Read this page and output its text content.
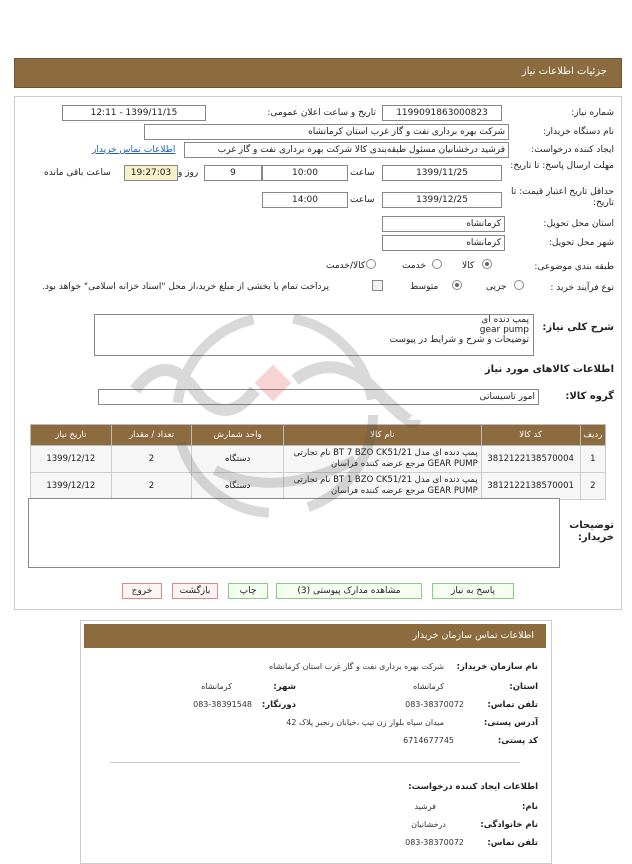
جزئیات اطلاعات نیاز
شماره نیاز:
1199091863000823
تاریخ و ساعت اعلان عمومی:
1399/11/15 - 12:11
نام دستگاه خریدار:
شرکت بهره برداری نفت و گاز غرب استان کرمانشاه
ایجاد کننده درخواست:
فرشید درخشانیان مسئول طبقه‌بندی کالا شرکت بهره برداری نفت و گاز غرب
اطلاعات تماس خریدار
مهلت ارسال پاسخ: تا تاریخ:
1399/11/25
ساعت
10:00
9
روز و
19:27:03
ساعت باقی مانده
حداقل تاریخ اعتبار قیمت: تا تاریخ:
1399/12/25
ساعت
14:00
استان محل تحویل:
کرمانشاه
شهر محل تحویل:
کرمانشاه
طبقه بندی موضوعی:
کالا
خدمت
کالا/خدمت
نوع فرآیند خرید :
جزیی
متوسط
پرداخت تمام یا بخشی از مبلغ خرید،از محل "اسناد خزانه اسلامی" خواهد بود.
شرح کلی نیاز:
پمپ دنده ای
gear pump
توضیحات و شرح و شرایط در پیوست
اطلاعات کالاهای مورد نیاز
گروه کالا:
امور تاسیساتی
ردیف	کد کالا	نام کالا	واحد شمارش	تعداد / مقدار	تاریخ نیاز
1	3812122138570004	پمپ دنده ای مدل BT 7 BZO CK51/21 نام تجارتی GEAR PUMP مرجع عرضه کننده فراسان	دستگاه	2	1399/12/12
2	3812122138570001	پمپ دنده ای مدل BT 1 BZO CK51/21 نام تجارتی GEAR PUMP مرجع عرضه کننده فراسان	دستگاه	2	1399/12/12
توضیحات خریدار:
پاسخ به نیاز
مشاهده مدارک پیوستی (3)
چاپ
بازگشت
خروج
اطلاعات تماس سازمان خریدار
نام سازمان خریدار:
شرکت بهره برداری نفت و گاز غرب استان کرمانشاه
استان:
کرمانشاه
شهر:
کرمانشاه
تلفن تماس:
083-38370072
دورنگار:
083-38391548
آدرس پستی:
میدان سپاه بلوار زن تیپ ،خیابان رنجبر پلاک 42
کد پستی:
6714677745
اطلاعات ایجاد کننده درخواست:
نام:
فرشید
نام خانوادگی:
درخشانیان
تلفن تماس:
083-38370072
